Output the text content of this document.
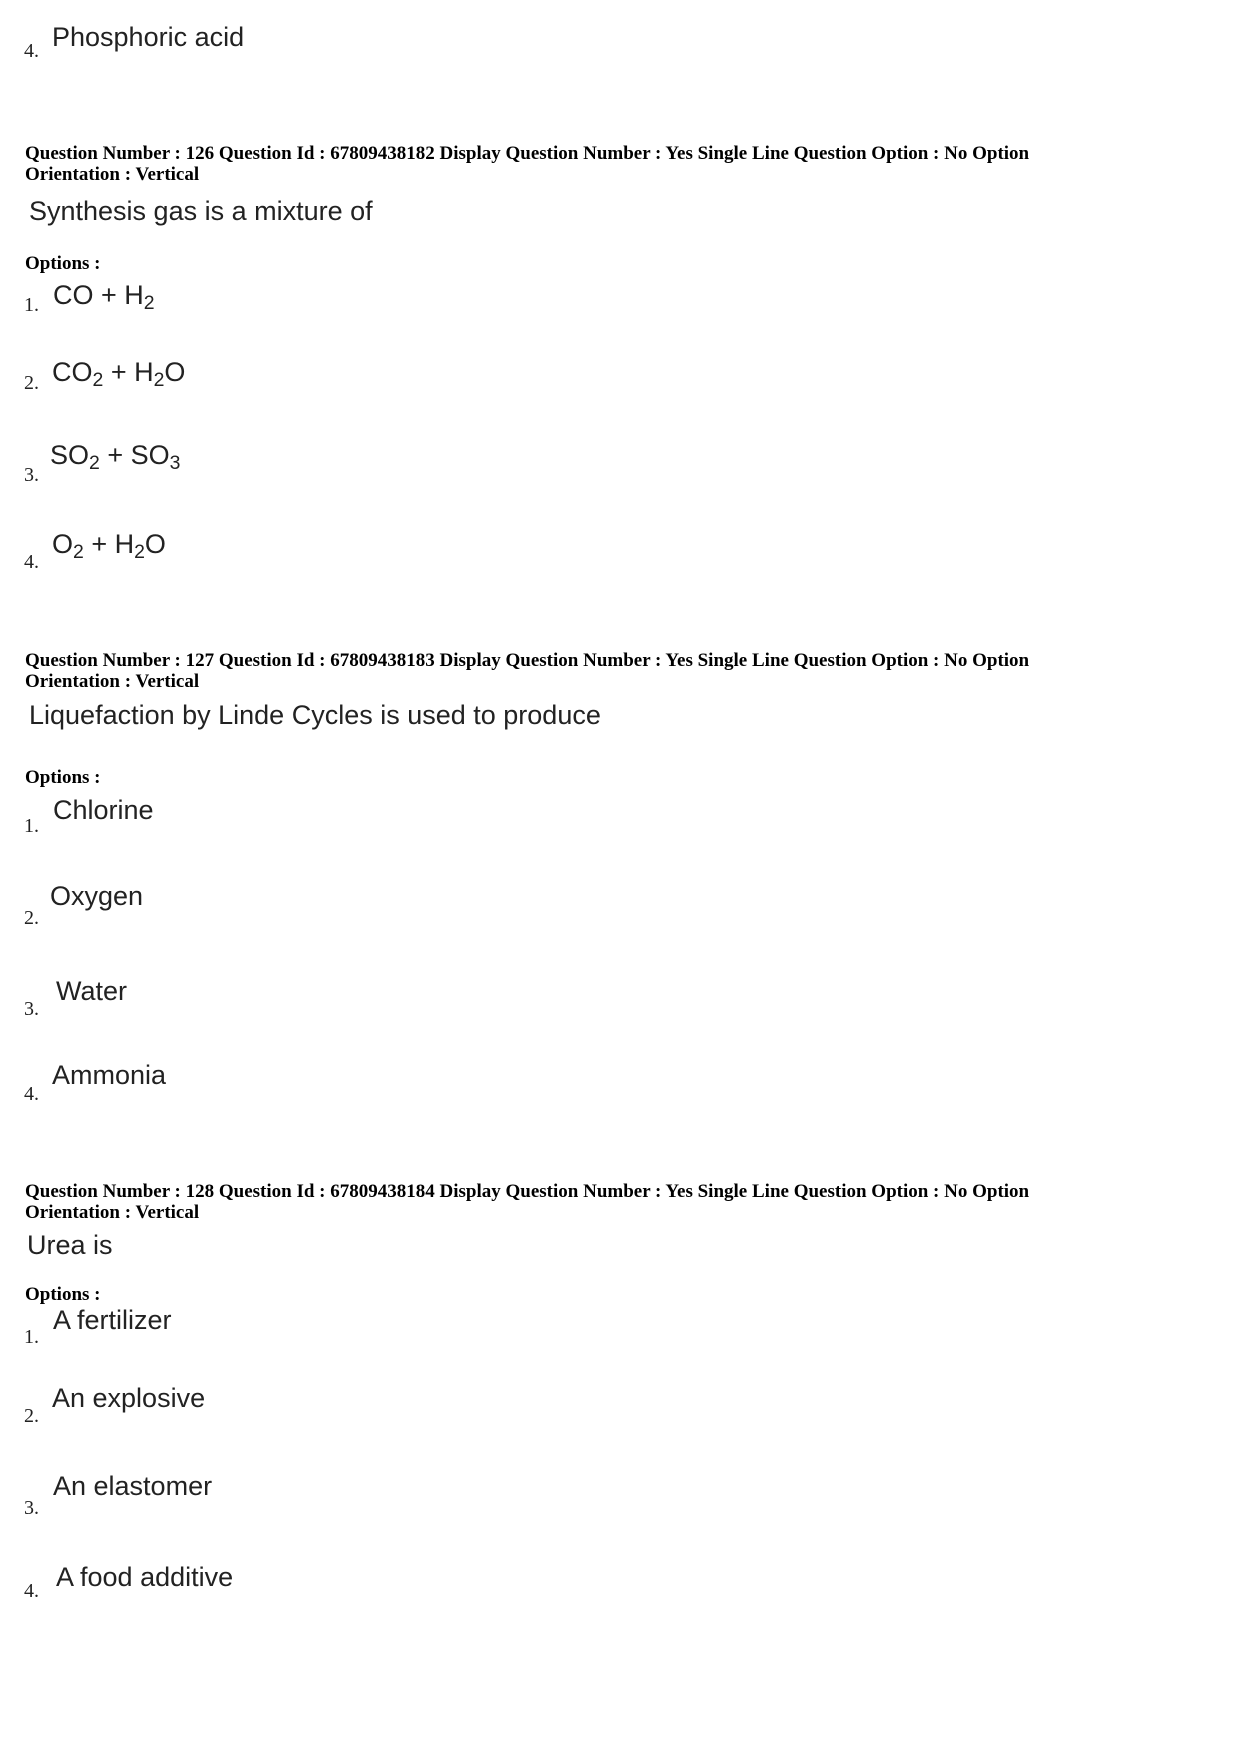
4. Phosphoric acid
Question Number : 126 Question Id : 67809438182 Display Question Number : Yes Single Line Question Option : No Option
Orientation : Vertical
Synthesis gas is a mixture of
Options :
1. CO + $H_2$
2. $CO_2 + H_2O$
3.
$SO_2 + SO_3$
4.
$O_2 + H_2O$
Question Number : 127 Question Id : 67809438183 Display Question Number : Yes Single Line Question Option : No Option
Orientation : Vertical
Liquefaction by Linde Cycles is used to produce
Options :
1.
Chlorine
2.
Oxygen
3.
Water
4.
Ammonia
Question Number : 128 Question Id : 67809438184 Display Question Number : Yes Single Line Question Option : No Option
Orientation : Vertical
Urea is
Options :
1.
A fertilizer
2.
An explosive
3.
An elastomer
4. A food additive
